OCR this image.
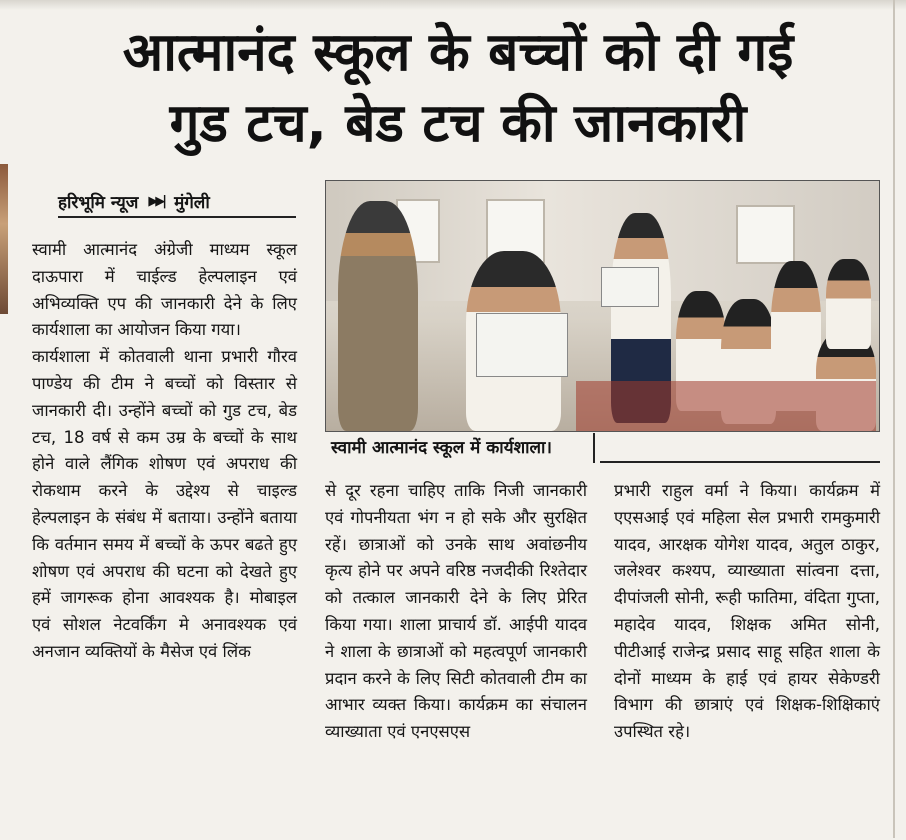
आत्मानंद स्कूल के बच्चों को दी गई
गुड टच, बेड टच की जानकारी
हरिभूमि न्यूज ▶▶| मुंगेली

स्वामी आत्मानंद अंग्रेजी माध्यम स्कूल दाऊपारा में चाईल्ड हेल्पलाइन एवं अभिव्यक्ति एप की जानकारी देने के लिए कार्यशाला का आयोजन किया गया।

कार्यशाला में कोतवाली थाना प्रभारी गौरव पाण्डेय की टीम ने बच्चों को विस्तार से जानकारी दी। उन्होंने बच्चों को गुड टच, बेड टच, 18 वर्ष से कम उम्र के बच्चों के साथ होने वाले लैंगिक शोषण एवं अपराध की रोकथाम करने के उद्देश्य से चाइल्ड हेल्पलाइन के संबंध में बताया। उन्होंने बताया कि वर्तमान समय में बच्चों के ऊपर बढते हुए शोषण एवं अपराध की घटना को देखते हुए हमें जागरूक होना आवश्यक है। मोबाइल एवं सोशल नेटवर्किंग मे अनावश्यक एवं अनजान व्यक्तियों के मैसेज एवं लिंक

स्वामी आत्मानंद स्कूल में कार्यशाला।

से दूर रहना चाहिए ताकि निजी जानकारी एवं गोपनीयता भंग न हो सके और सुरक्षित रहें। छात्राओं को उनके साथ अवांछनीय कृत्य होने पर अपने वरिष्ठ नजदीकी रिश्तेदार को तत्काल जानकारी देने के लिए प्रेरित किया गया। शाला प्राचार्य डॉ. आईपी यादव ने शाला के छात्राओं को महत्वपूर्ण जानकारी प्रदान करने के लिए सिटी कोतवाली टीम का आभार व्यक्त किया। कार्यक्रम का संचालन व्याख्याता एवं एनएसएस

प्रभारी राहुल वर्मा ने किया। कार्यक्रम में एएसआई एवं महिला सेल प्रभारी रामकुमारी यादव, आरक्षक योगेश यादव, अतुल ठाकुर, जलेश्वर कश्यप, व्याख्याता सांत्वना दत्ता, दीपांजली सोनी, रूही फातिमा, वंदिता गुप्ता, महादेव यादव, शिक्षक अमित सोनी, पीटीआई राजेन्द्र प्रसाद साहू सहित शाला के दोनों माध्यम के हाई एवं हायर सेकेण्डरी विभाग की छात्राएं एवं शिक्षक-शिक्षिकाएं उपस्थित रहे।
